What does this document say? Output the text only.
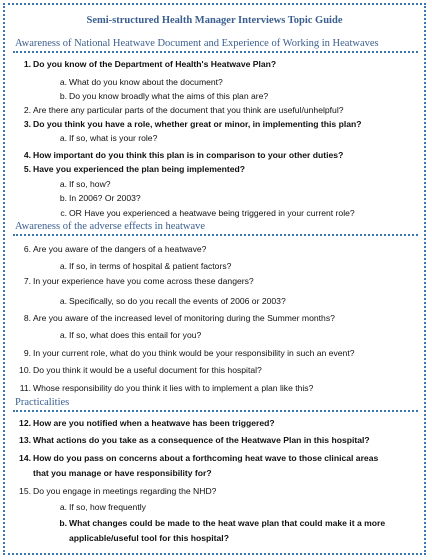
Semi-structured Health Manager Interviews Topic Guide
Awareness of National Heatwave Document and Experience of Working in Heatwaves
Awareness of the adverse effects in heatwave
Practicalities
1. Do you know of the Department of Health's Heatwave Plan?
a. What do you know about the document?
b. Do you know broadly what the aims of this plan are?
2. Are there any particular parts of the document that you think are useful/unhelpful?
3. Do you think you have a role, whether great or minor, in implementing this plan?
a. If so, what is your role?
4. How important do you think this plan is in comparison to your other duties?
5. Have you experienced the plan being implemented?
a. If so, how?
b. In 2006? Or 2003?
c. OR Have you experienced a heatwave being triggered in your current role?
6. Are you aware of the dangers of a heatwave?
a. If so, in terms of hospital & patient factors?
7. In your experience have you come across these dangers?
a. Specifically, so do you recall the events of 2006 or 2003?
8. Are you aware of the increased level of monitoring during the Summer months?
a. If so, what does this entail for you?
9. In your current role, what do you think would be your responsibility in such an event?
10. Do you think it would be a useful document for this hospital?
11. Whose responsibility do you think it lies with to implement a plan like this?
12. How are you notified when a heatwave has been triggered?
13. What actions do you take as a consequence of the Heatwave Plan in this hospital?
14. How do you pass on concerns about a forthcoming heat wave to those clinical areas
that you manage or have responsibility for?
15. Do you engage in meetings regarding the NHD?
a. If so, how frequently
b. What changes could be made to the heat wave plan that could make it a more
applicable/useful tool for this hospital?
